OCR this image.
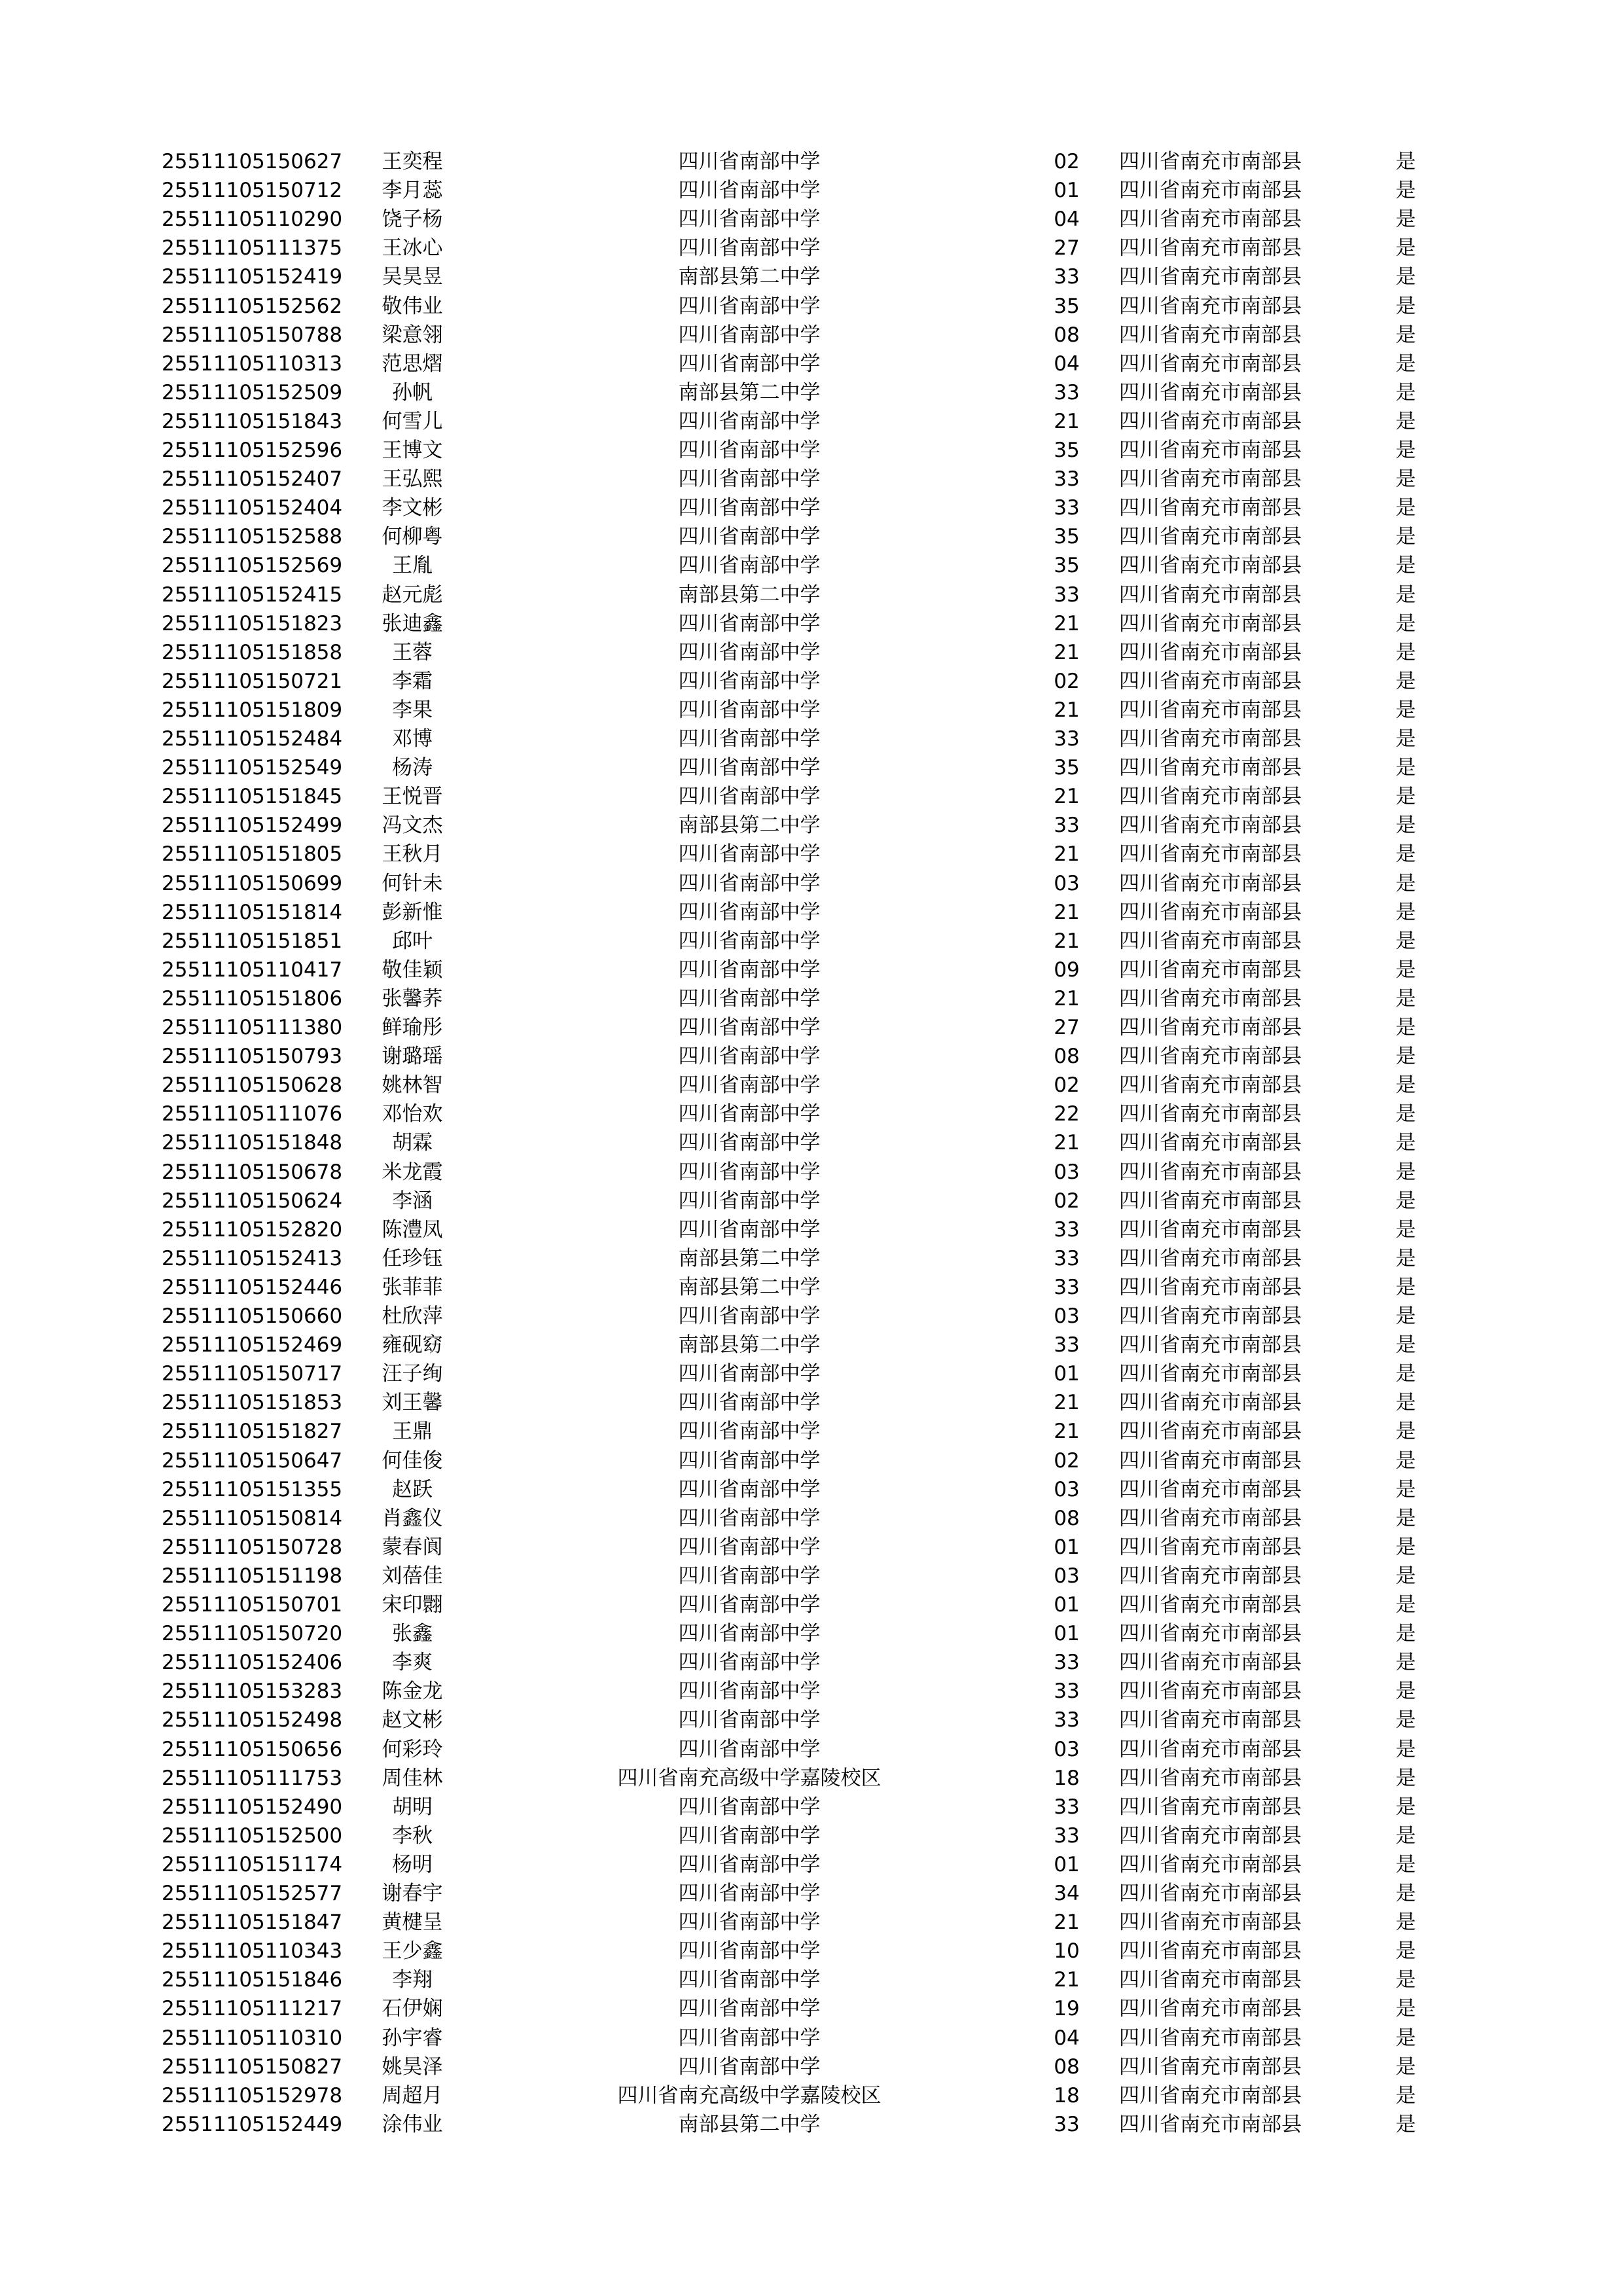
25511105150627	王奕程	四川省南部中学	02	四川省南充市南部县	是
25511105150712	李月蕊	四川省南部中学	01	四川省南充市南部县	是
25511105110290	饶子杨	四川省南部中学	04	四川省南充市南部县	是
25511105111375	王冰心	四川省南部中学	27	四川省南充市南部县	是
25511105152419	吴昊昱	南部县第二中学	33	四川省南充市南部县	是
25511105152562	敬伟业	四川省南部中学	35	四川省南充市南部县	是
25511105150788	梁意翎	四川省南部中学	08	四川省南充市南部县	是
25511105110313	范思熠	四川省南部中学	04	四川省南充市南部县	是
25511105152509	孙帆	南部县第二中学	33	四川省南充市南部县	是
25511105151843	何雪儿	四川省南部中学	21	四川省南充市南部县	是
25511105152596	王博文	四川省南部中学	35	四川省南充市南部县	是
25511105152407	王弘熙	四川省南部中学	33	四川省南充市南部县	是
25511105152404	李文彬	四川省南部中学	33	四川省南充市南部县	是
25511105152588	何柳粤	四川省南部中学	35	四川省南充市南部县	是
25511105152569	王胤	四川省南部中学	35	四川省南充市南部县	是
25511105152415	赵元彪	南部县第二中学	33	四川省南充市南部县	是
25511105151823	张迪鑫	四川省南部中学	21	四川省南充市南部县	是
25511105151858	王蓉	四川省南部中学	21	四川省南充市南部县	是
25511105150721	李霜	四川省南部中学	02	四川省南充市南部县	是
25511105151809	李果	四川省南部中学	21	四川省南充市南部县	是
25511105152484	邓博	四川省南部中学	33	四川省南充市南部县	是
25511105152549	杨涛	四川省南部中学	35	四川省南充市南部县	是
25511105151845	王悦晋	四川省南部中学	21	四川省南充市南部县	是
25511105152499	冯文杰	南部县第二中学	33	四川省南充市南部县	是
25511105151805	王秋月	四川省南部中学	21	四川省南充市南部县	是
25511105150699	何针未	四川省南部中学	03	四川省南充市南部县	是
25511105151814	彭新惟	四川省南部中学	21	四川省南充市南部县	是
25511105151851	邱叶	四川省南部中学	21	四川省南充市南部县	是
25511105110417	敬佳颖	四川省南部中学	09	四川省南充市南部县	是
25511105151806	张馨荞	四川省南部中学	21	四川省南充市南部县	是
25511105111380	鲜瑜彤	四川省南部中学	27	四川省南充市南部县	是
25511105150793	谢璐瑶	四川省南部中学	08	四川省南充市南部县	是
25511105150628	姚林智	四川省南部中学	02	四川省南充市南部县	是
25511105111076	邓怡欢	四川省南部中学	22	四川省南充市南部县	是
25511105151848	胡霖	四川省南部中学	21	四川省南充市南部县	是
25511105150678	米龙霞	四川省南部中学	03	四川省南充市南部县	是
25511105150624	李涵	四川省南部中学	02	四川省南充市南部县	是
25511105152820	陈澧凤	四川省南部中学	33	四川省南充市南部县	是
25511105152413	任珍钰	南部县第二中学	33	四川省南充市南部县	是
25511105152446	张菲菲	南部县第二中学	33	四川省南充市南部县	是
25511105150660	杜欣萍	四川省南部中学	03	四川省南充市南部县	是
25511105152469	雍砚窈	南部县第二中学	33	四川省南充市南部县	是
25511105150717	汪子绚	四川省南部中学	01	四川省南充市南部县	是
25511105151853	刘王馨	四川省南部中学	21	四川省南充市南部县	是
25511105151827	王鼎	四川省南部中学	21	四川省南充市南部县	是
25511105150647	何佳俊	四川省南部中学	02	四川省南充市南部县	是
25511105151355	赵跃	四川省南部中学	03	四川省南充市南部县	是
25511105150814	肖鑫仪	四川省南部中学	08	四川省南充市南部县	是
25511105150728	蒙春阆	四川省南部中学	01	四川省南充市南部县	是
25511105151198	刘蓓佳	四川省南部中学	03	四川省南充市南部县	是
25511105150701	宋印翾	四川省南部中学	01	四川省南充市南部县	是
25511105150720	张鑫	四川省南部中学	01	四川省南充市南部县	是
25511105152406	李爽	四川省南部中学	33	四川省南充市南部县	是
25511105153283	陈金龙	四川省南部中学	33	四川省南充市南部县	是
25511105152498	赵文彬	四川省南部中学	33	四川省南充市南部县	是
25511105150656	何彩玲	四川省南部中学	03	四川省南充市南部县	是
25511105111753	周佳林	四川省南充高级中学嘉陵校区	18	四川省南充市南部县	是
25511105152490	胡明	四川省南部中学	33	四川省南充市南部县	是
25511105152500	李秋	四川省南部中学	33	四川省南充市南部县	是
25511105151174	杨明	四川省南部中学	01	四川省南充市南部县	是
25511105152577	谢春宇	四川省南部中学	34	四川省南充市南部县	是
25511105151847	黄楗呈	四川省南部中学	21	四川省南充市南部县	是
25511105110343	王少鑫	四川省南部中学	10	四川省南充市南部县	是
25511105151846	李翔	四川省南部中学	21	四川省南充市南部县	是
25511105111217	石伊娴	四川省南部中学	19	四川省南充市南部县	是
25511105110310	孙宇睿	四川省南部中学	04	四川省南充市南部县	是
25511105150827	姚昊泽	四川省南部中学	08	四川省南充市南部县	是
25511105152978	周超月	四川省南充高级中学嘉陵校区	18	四川省南充市南部县	是
25511105152449	涂伟业	南部县第二中学	33	四川省南充市南部县	是
